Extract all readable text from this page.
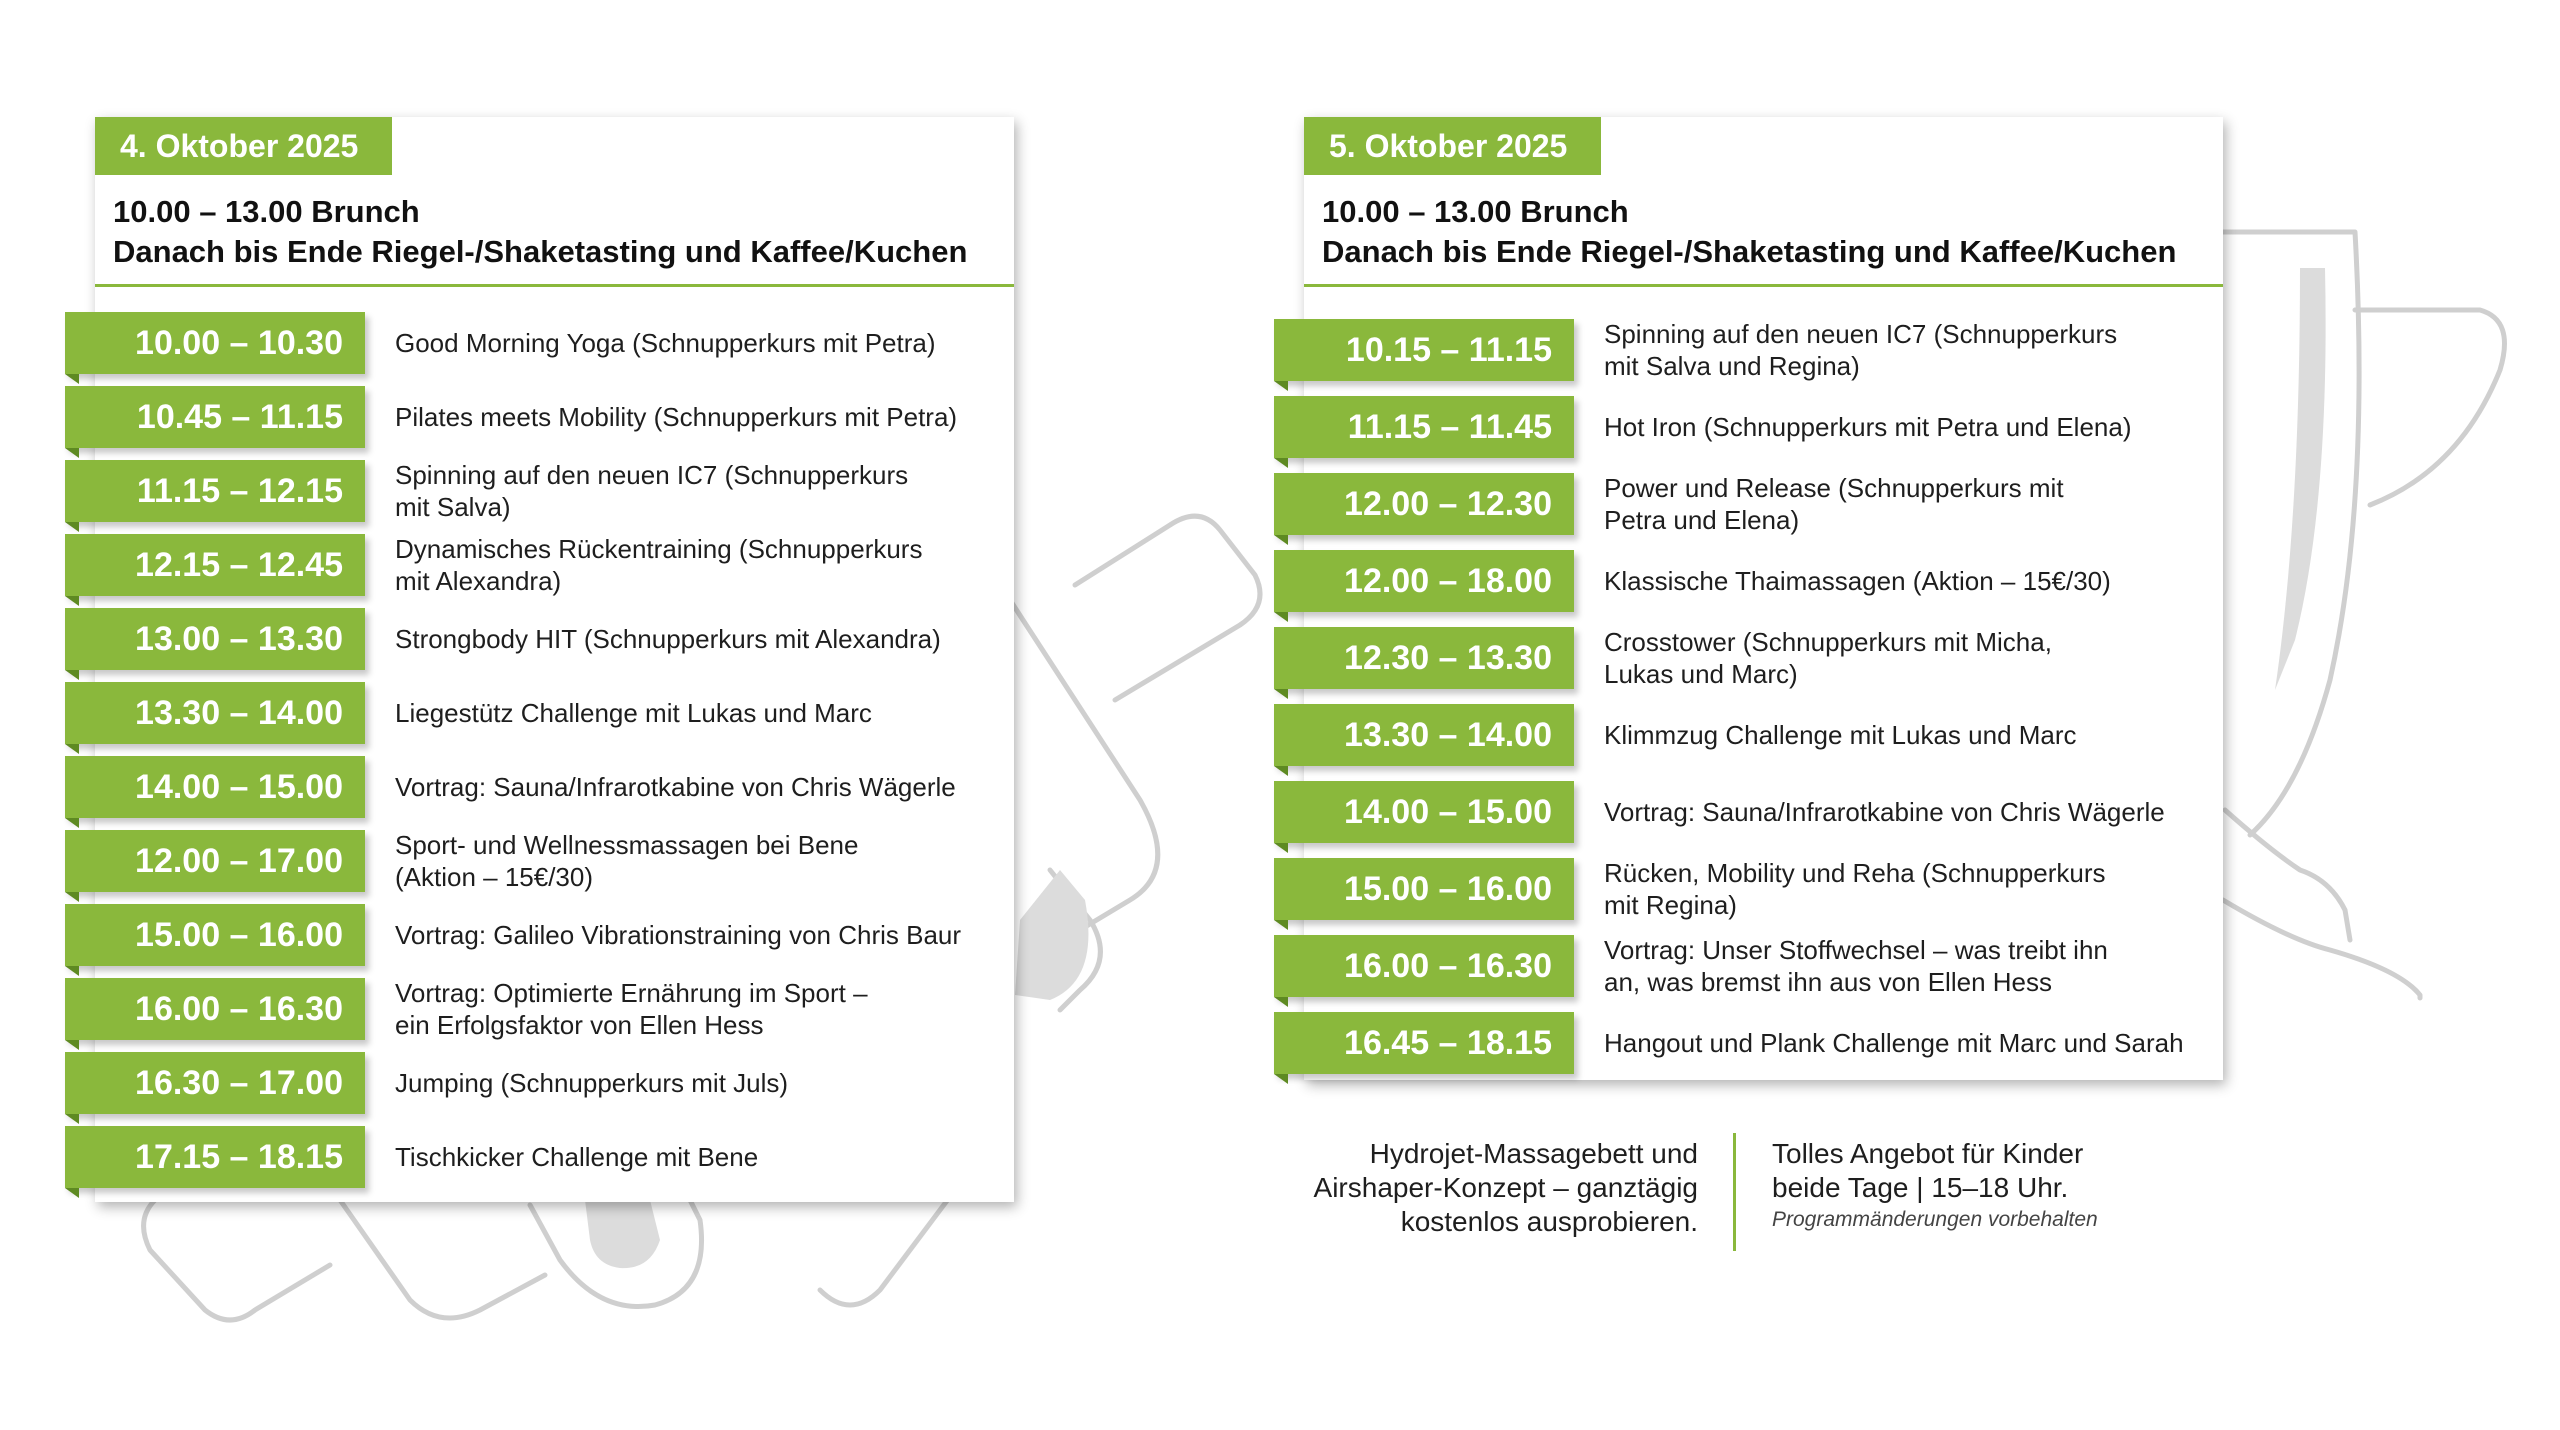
4. Oktober 2025
10.00 – 13.00 Brunch
Danach bis Ende Riegel-/Shaketasting und Kaffee/Kuchen
10.00 – 10.30	Good Morning Yoga (Schnupperkurs mit Petra)
10.45 – 11.15	Pilates meets Mobility (Schnupperkurs mit Petra)
11.15 – 12.15	Spinning auf den neuen IC7 (Schnupperkurs
mit Salva)
12.15 – 12.45	Dynamisches Rückentraining (Schnupperkurs
mit Alexandra)
13.00 – 13.30	Strongbody HIT (Schnupperkurs mit Alexandra)
13.30 – 14.00	Liegestütz Challenge mit Lukas und Marc
14.00 – 15.00	Vortrag: Sauna/Infrarotkabine von Chris Wägerle
12.00 – 17.00	Sport- und Wellnessmassagen bei Bene
(Aktion – 15€/30)
15.00 – 16.00	Vortrag: Galileo Vibrationstraining von Chris Baur
16.00 – 16.30	Vortrag: Optimierte Ernährung im Sport –
ein Erfolgsfaktor von Ellen Hess
16.30 – 17.00	Jumping (Schnupperkurs mit Juls)
17.15 – 18.15	Tischkicker Challenge mit Bene
5. Oktober 2025
10.00 – 13.00 Brunch
Danach bis Ende Riegel-/Shaketasting und Kaffee/Kuchen
10.15 – 11.15	Spinning auf den neuen IC7 (Schnupperkurs
mit Salva und Regina)
11.15 – 11.45	Hot Iron (Schnupperkurs mit Petra und Elena)
12.00 – 12.30	Power und Release (Schnupperkurs mit
Petra und Elena)
12.00 – 18.00	Klassische Thaimassagen (Aktion – 15€/30)
12.30 – 13.30	Crosstower (Schnupperkurs mit Micha,
Lukas und Marc)
13.30 – 14.00	Klimmzug Challenge mit Lukas und Marc
14.00 – 15.00	Vortrag: Sauna/Infrarotkabine von Chris Wägerle
15.00 – 16.00	Rücken, Mobility und Reha (Schnupperkurs
mit Regina)
16.00 – 16.30	Vortrag: Unser Stoffwechsel – was treibt ihn
an, was bremst ihn aus von Ellen Hess
16.45 – 18.15	Hangout und Plank Challenge mit Marc und Sarah
Hydrojet-Massagebett und
Airshaper-Konzept – ganztägig
kostenlos ausprobieren.
Tolles Angebot für Kinder
beide Tage | 15–18 Uhr.
Programmänderungen vorbehalten
